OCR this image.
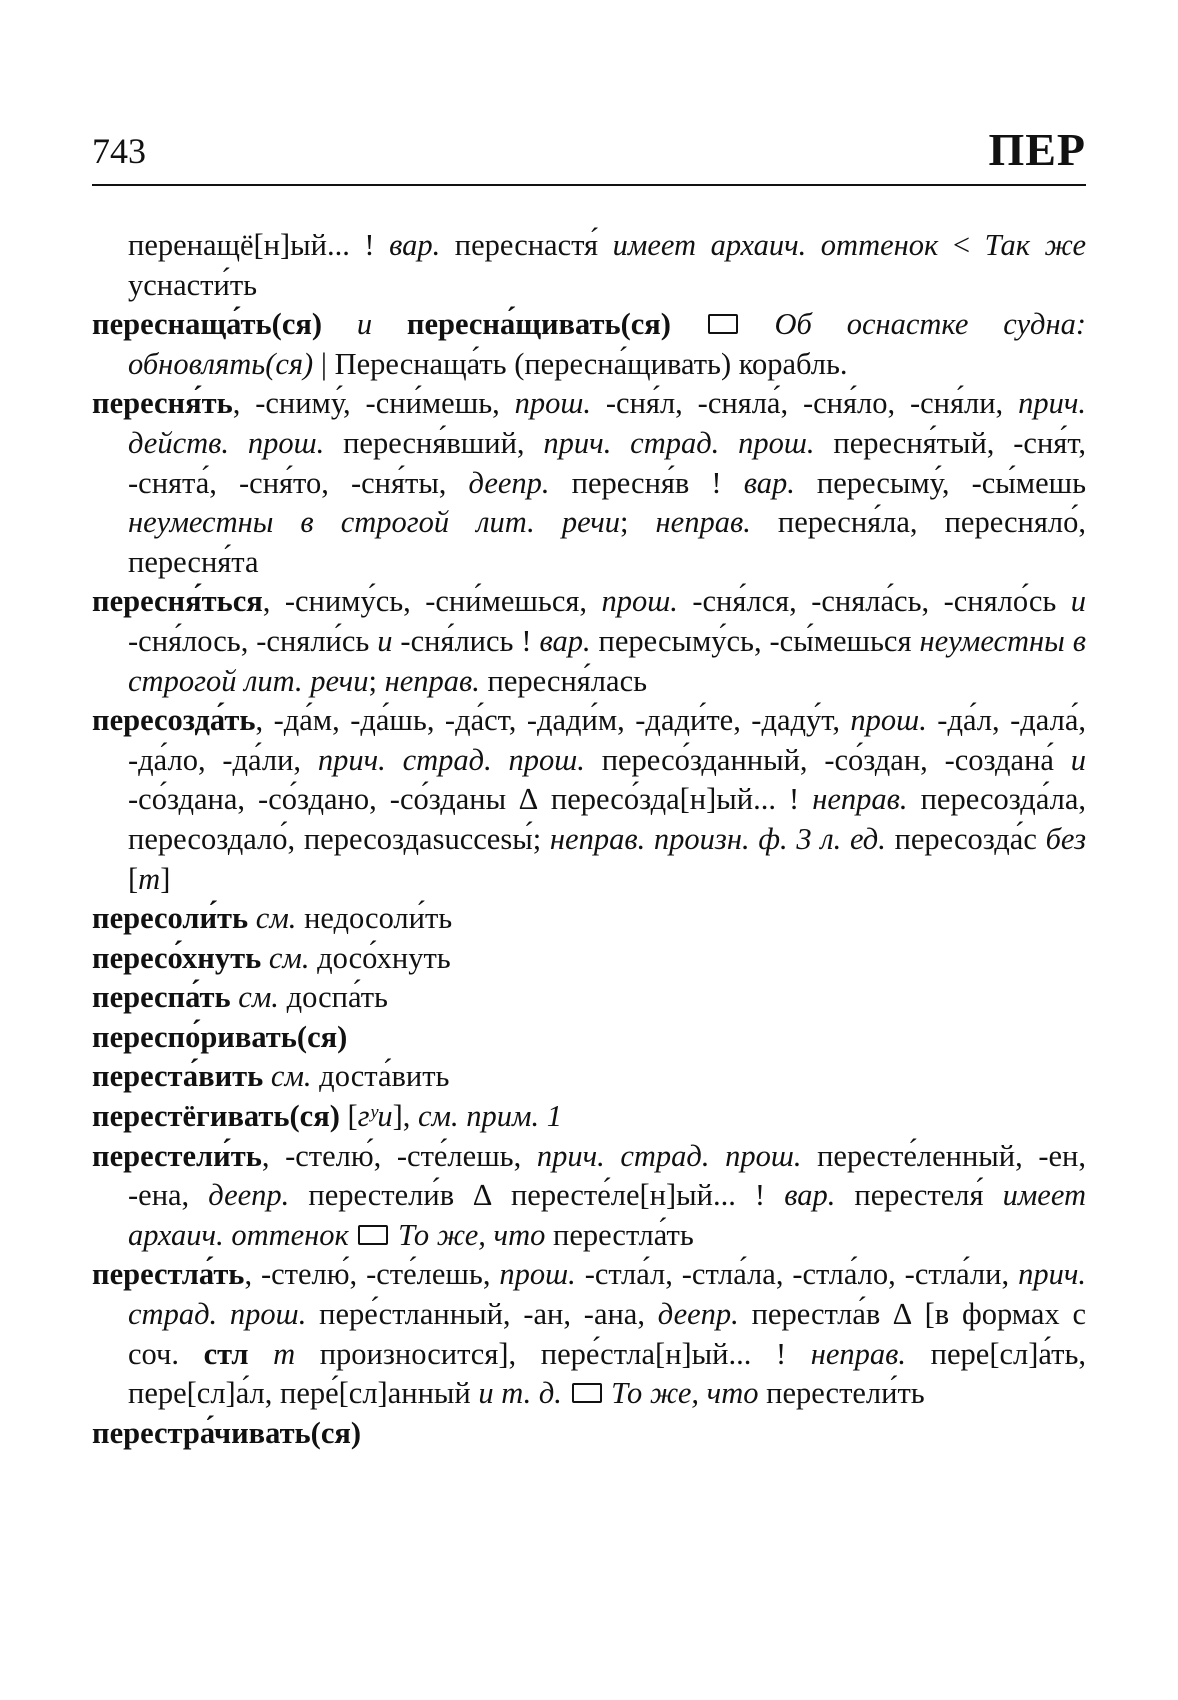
743	ПЕР
перенащё[н]ый... ! вар. переснастя́ имеет архаич. оттенок < Так же уснасти́ть
переснаща́ть(ся) и пересна́щивать(ся)	Об оснастке судна: обновлять(ся) | Переснаща́ть (пересна́щивать) корабль.
пересня́ть, -сниму́, -сни́мешь, прош. -сня́л, -сняла́, -сня́ло, -сня́ли, прич. действ. прош. пересня́вший, прич. страд. прош. пересня́тый, -сня́т, -снята́, -сня́то, -сня́ты, деепр. пересня́в ! вар. пересыму́, -сы́мешь неуместны в строгой лит. речи; неправ. пересня́ла, пересняло́, пересня́та
пересня́ться, -сниму́сь, -сни́мешься, прош. -сня́лся, -сняла́сь, -сняло́сь и -сня́лось, -сняли́сь и -сня́лись ! вар. пересыму́сь, -сы́мешься неуместны в строгой лит. речи; неправ. пересня́лась
пересозда́ть, -да́м, -да́шь, -да́ст, -дади́м, -дади́те, -даду́т, прош. -да́л, -дала́, -да́ло, -да́ли, прич. страд. прош. пересо́зданный, -со́здан, -создана́ и -со́здана, -со́здано, -со́зданы ∆ пересо́зда[н]ый... ! неправ. пересозда́ла, пересоздало́, пересоздаsuccesы́; неправ. произн. ф. 3 л. ед. пересозда́с без [т]
пересоли́ть см. недосоли́ть
пересо́хнуть см. досо́хнуть
переспа́ть см. доспа́ть
переспо́ривать(ся)
переста́вить см. доста́вить
перестёгивать(ся) [гʸи], см. прим. 1
перестели́ть, -стелю́, -сте́лешь, прич. страд. прош. пересте́ленный, -ен, -ена, деепр. перестели́в ∆ пересте́ле[н]ый... ! вар. перестеля́ имеет архаич. оттенок То же, что перестла́ть
перестла́ть, -стелю́, -сте́лешь, прош. -стла́л, -стла́ла, -стла́ло, -стла́ли, прич. страд. прош. пере́стланный, -ан, -ана, деепр. перестла́в ∆ [в формах с соч. стл т произносится], пере́стла[н]ый... ! неправ. пере[сл]а́ть, пере[сл]а́л, пере́[сл]анный и т. д. То же, что перестели́ть
перестра́чивать(ся)
